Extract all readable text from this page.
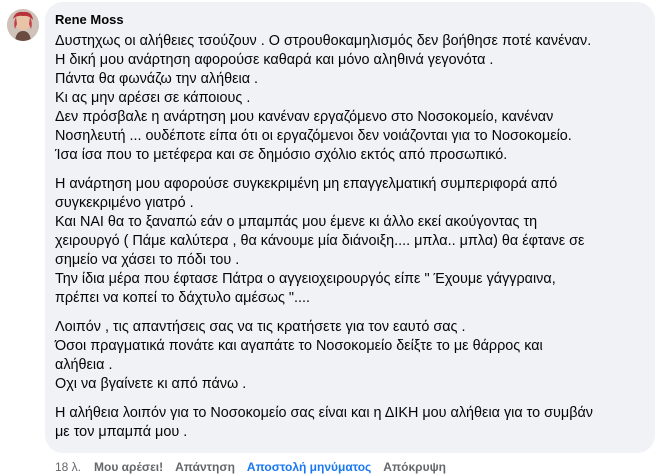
Rene Moss
Δυστηχως οι αλήθειες τσούζουν . Ο στρουθοκαμηλισμός δεν βοήθησε ποτέ κανέναν.
Η δική μου ανάρτηση αφορούσε καθαρά και μόνο αληθινά γεγονότα .
Πάντα θα φωνάζω την αλήθεια .
Κι ας μην αρέσει σε κάποιους .
Δεν πρόσβαλε η ανάρτηση μου κανέναν εργαζόμενο στο Νοσοκομείο, κανέναν
Νοσηλευτή ... ουδέποτε είπα ότι οι εργαζόμενοι δεν νοιάζονται για το Νοσοκομείο.
Ίσα ίσα που το μετέφερα και σε δημόσιο σχόλιο εκτός από προσωπικό.
Η ανάρτηση μου αφορούσε συγκεκριμένη μη επαγγελματική συμπεριφορά από
συγκεκριμένο γιατρό .
Και ΝΑΙ θα το ξαναπώ εάν ο μπαμπάς μου έμενε κι άλλο εκεί ακούγοντας τη
χειρουργό ( Πάμε καλύτερα , θα κάνουμε μία διάνοιξη.... μπλα.. μπλα) θα έφτανε σε
σημείο να χάσει το πόδι του .
Την ίδια μέρα που έφτασε Πάτρα ο αγγειοχειρουργός είπε " Έχουμε γάγγραινα,
πρέπει να κοπεί το δάχτυλο αμέσως "....
Λοιπόν , τις απαντήσεις σας να τις κρατήσετε για τον εαυτό σας .
Όσοι πραγματικά πονάτε και αγαπάτε το Νοσοκομείο δείξτε το με θάρρος και
αλήθεια .
Οχι να βγαίνετε κι από πάνω .
Η αλήθεια λοιπόν για το Νοσοκομείο σας είναι και η ΔΙΚΗ μου αλήθεια για το συμβάν
με τον μπαμπά μου .
18 λ. Μου αρέσει! Απάντηση Αποστολή μηνύματος Απόκρυψη
